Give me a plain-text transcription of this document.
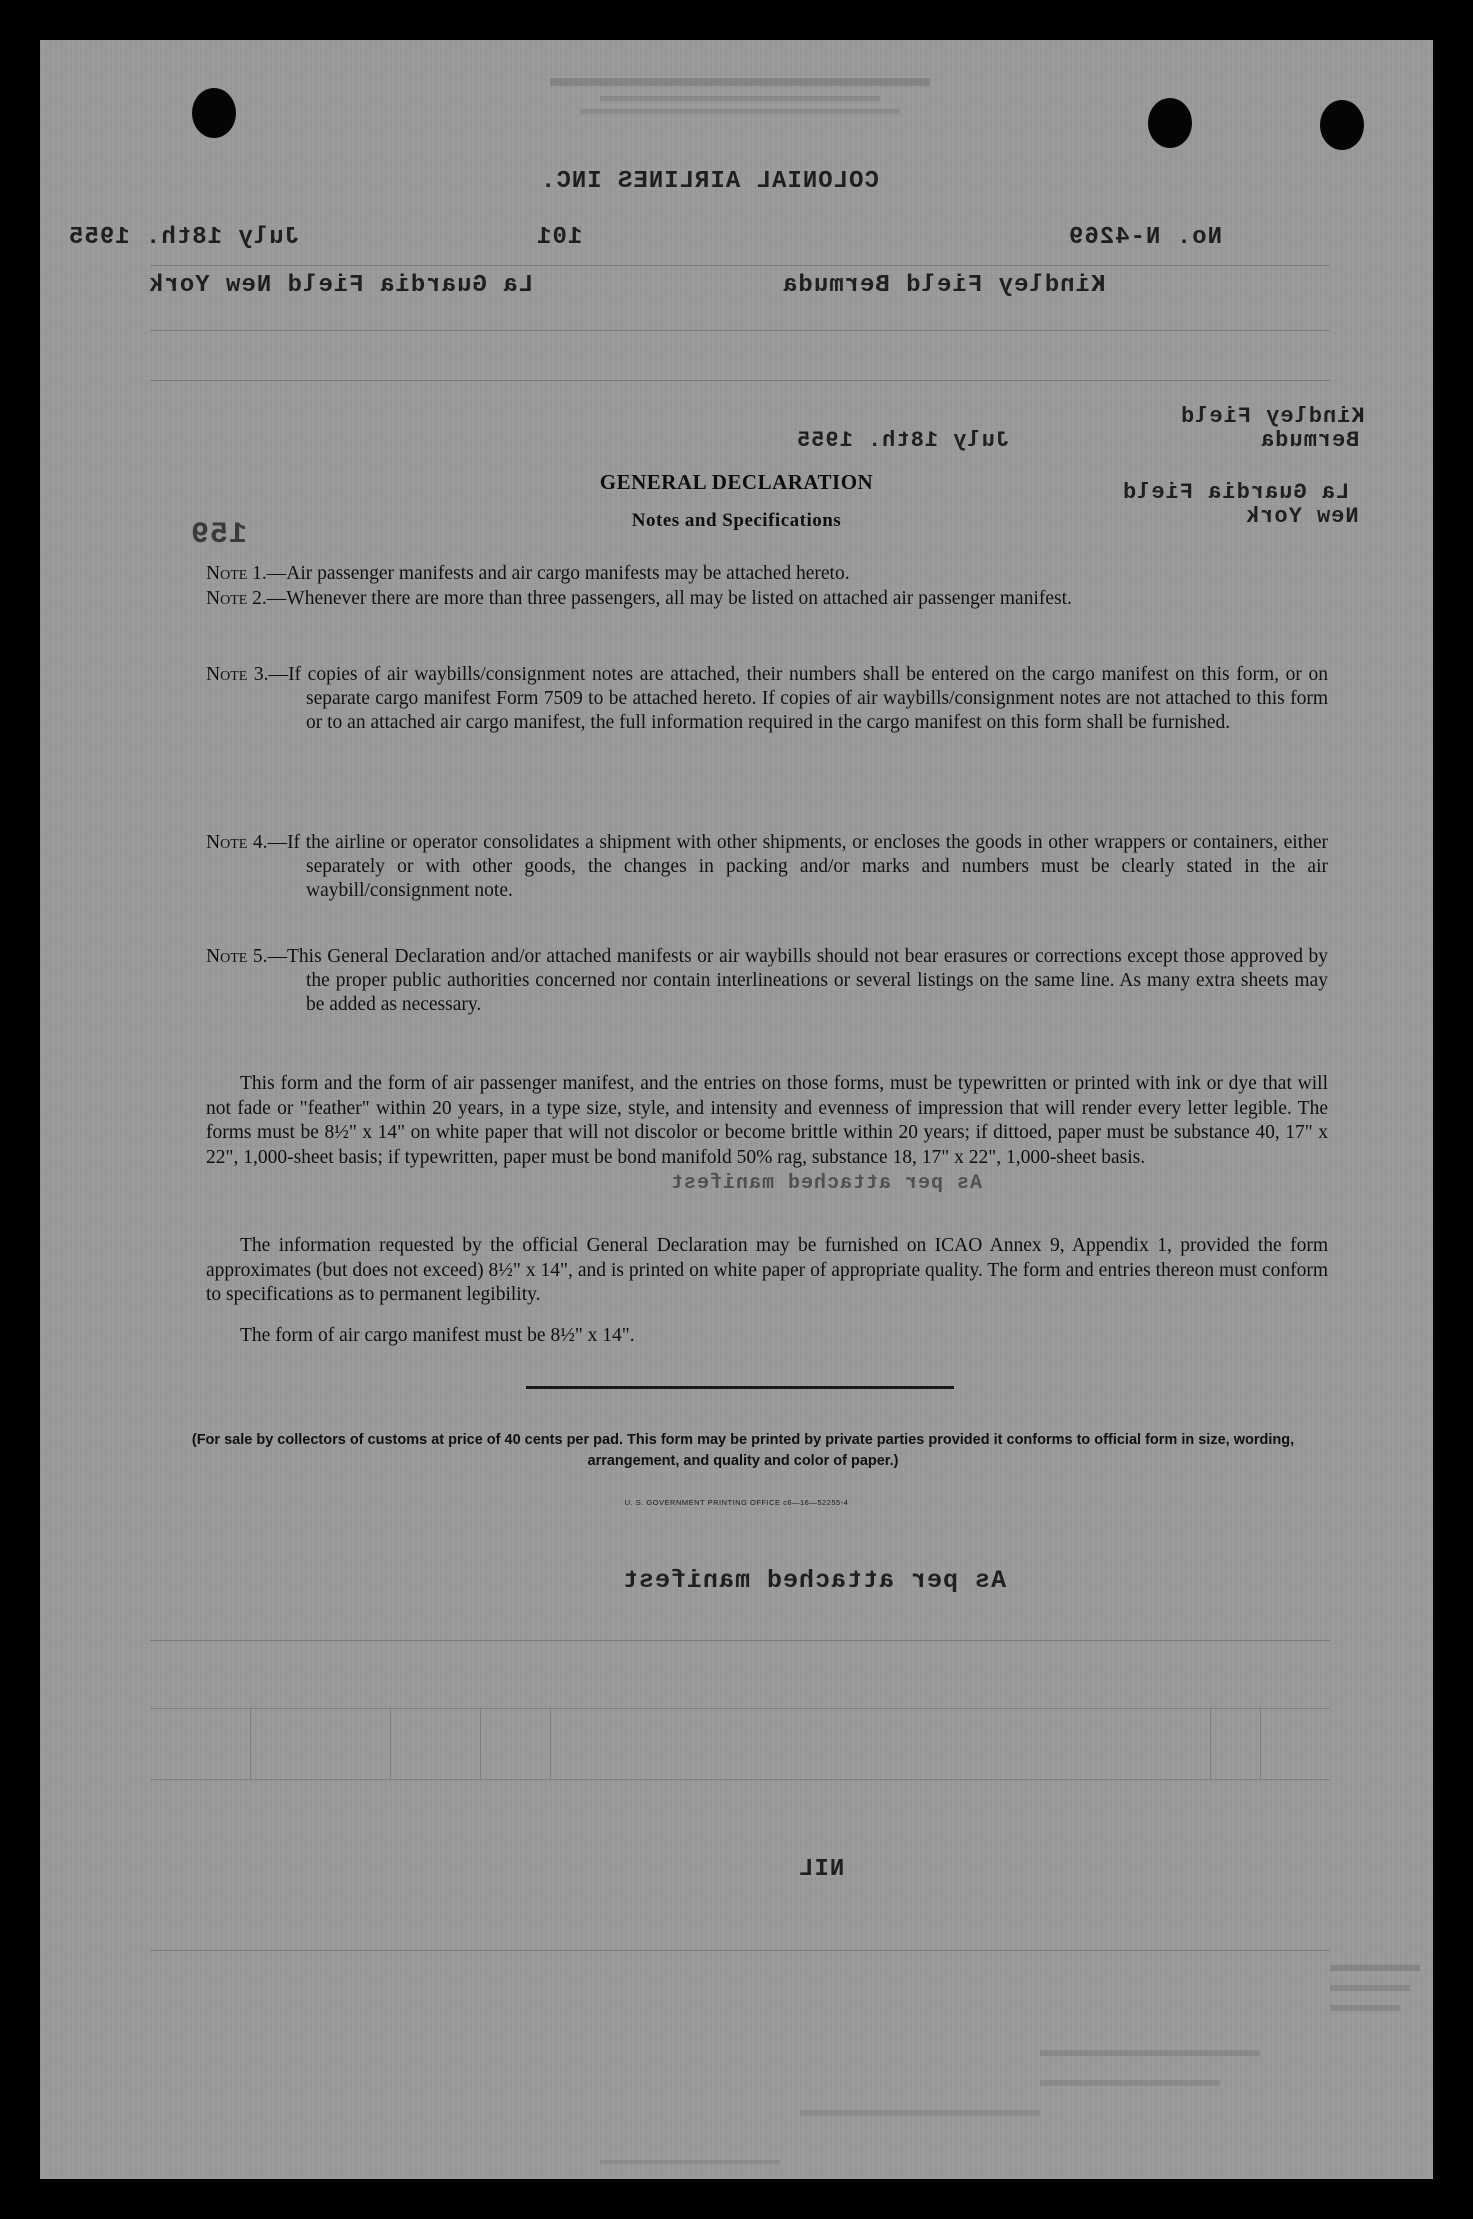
COLONIAL AIRLINES INC.
No. N-4269
101
July 18th. 1955
Kindley Field Bermuda
La Guardia Field New York
Kindley Field
Bermuda
July 18th. 1955
La Guardia Field
New York
159
GENERAL DECLARATION
Notes and Specifications
Note 1.—Air passenger manifests and air cargo manifests may be attached hereto.
Note 2.—Whenever there are more than three passengers, all may be listed on attached air passenger manifest.
Note 3.—If copies of air waybills/consignment notes are attached, their numbers shall be entered on the cargo manifest on this form, or on separate cargo manifest Form 7509 to be attached hereto. If copies of air waybills/consignment notes are not attached to this form or to an attached air cargo manifest, the full information required in the cargo manifest on this form shall be furnished.
Note 4.—If the airline or operator consolidates a shipment with other shipments, or encloses the goods in other wrappers or containers, either separately or with other goods, the changes in packing and/or marks and numbers must be clearly stated in the air waybill/consignment note.
Note 5.—This General Declaration and/or attached manifests or air waybills should not bear erasures or corrections except those approved by the proper public authorities concerned nor contain interlineations or several listings on the same line. As many extra sheets may be added as necessary.
This form and the form of air passenger manifest, and the entries on those forms, must be typewritten or printed with ink or dye that will not fade or "feather" within 20 years, in a type size, style, and intensity and evenness of impression that will render every letter legible. The forms must be 8½" x 14" on white paper that will not discolor or become brittle within 20 years; if dittoed, paper must be substance 40, 17" x 22", 1,000-sheet basis; if typewritten, paper must be bond manifold 50% rag, substance 18, 17" x 22", 1,000-sheet basis.
The information requested by the official General Declaration may be furnished on ICAO Annex 9, Appendix 1, provided the form approximates (but does not exceed) 8½" x 14", and is printed on white paper of appropriate quality. The form and entries thereon must conform to specifications as to permanent legibility.
The form of air cargo manifest must be 8½" x 14".
As per attached manifest
(For sale by collectors of customs at price of 40 cents per pad. This form may be printed by private parties provided it conforms to official form in size, wording, arrangement, and quality and color of paper.)
U. S. GOVERNMENT PRINTING OFFICE c6—16—52255-4
As per attached manifest
NIL
